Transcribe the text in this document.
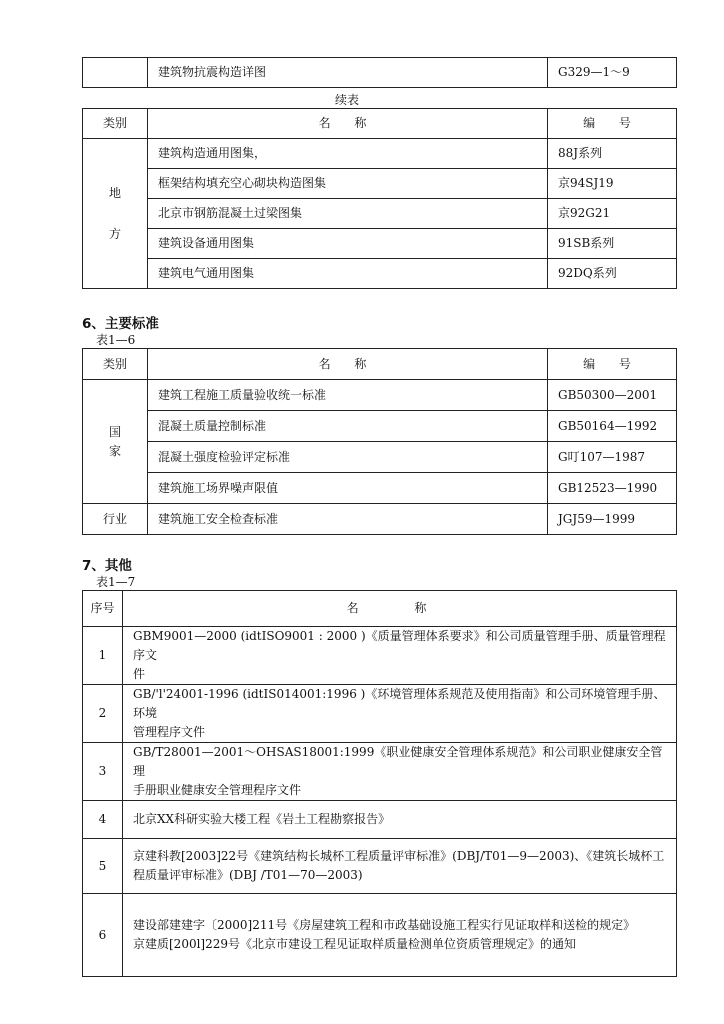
	建筑物抗震构造详图	G329—1～9
续表
类别	名 称	编 号

地
方	建筑构造通用图集，	88J系列
	框架结构填充空心砌块构造图集	京94SJ19
	北京市钢筋混凝土过梁图集	京92G21
	建筑设备通用图集	91SB系列
	建筑电气通用图集	92DQ系列
6、主要标准
表1—6
类别	名 称	编 号

国
家	建筑工程施工质量验收统一标准	GB50300—2001
	混凝土质量控制标准	GB50164—1992
	混凝土强度检验评定标准	G叮107—1987
	建筑施工场界噪声限值	GB12523—1990
行业	建筑施工安全检查标准	JGJ59—1999
7、其他
表1—7
序号	名 称
1	GBM9001—2000 (idtISO9001 : 2000 )《质量管理体系要求》和公司质量管理手册、质量管理程序文
件

2	GB/'l'24001-1996 (idtIS014001:1996 )《环境管理体系规范及使用指南》和公司环境管理手册、环境
管理程序文件

3	GB/T28001—2001～OHSAS18001:1999《职业健康安全管理体系规范》和公司职业健康安全管理
手册职业健康安全管理程序文件

4	北京XX科研实验大楼工程《岩土工程勘察报告》

5	京建科教[2003]22号《建筑结构长城杯工程质量评审标准》(DBJ/T01—9—2003)、《建筑长城杯工
程质量评审标准》(DBJ /T01—70—2003)

6	建设部建建字〔2000]211号《房屋建筑工程和市政基础设施工程实行见证取样和送检的规定》
京建质[200l]229号《北京市建设工程见证取样质量检测单位资质管理规定》的通知
